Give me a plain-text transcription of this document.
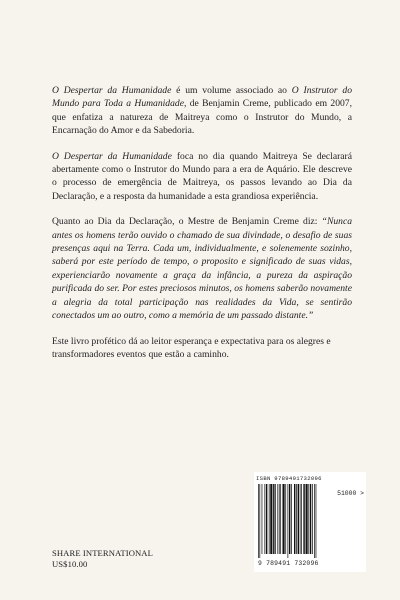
O Despertar da Humanidade é um volume associado ao O Instrutor do Mundo para Toda a Humanidade, de Benjamin Creme, publicado em 2007, que enfatiza a natureza de Maitreya como o Instrutor do Mundo, a Encarnação do Amor e da Sabedoria.

O Despertar da Humanidade foca no dia quando Maitreya Se declarará abertamente como o Instrutor do Mundo para a era de Aquário. Ele descreve o processo de emergência de Maitreya, os passos levando ao Dia da Declaração, e a resposta da humanidade a esta grandiosa experiência.

Quanto ao Dia da Declaração, o Mestre de Benjamin Creme diz: “Nunca antes os homens terão ouvido o chamado de sua divindade, o desafio de suas presenças aqui na Terra. Cada um, individualmente, e solenemente sozinho, saberá por este período de tempo, o proposito e significado de suas vidas, experienciarão novamente a graça da infância, a pureza da aspiração purificada do ser. Por estes preciosos minutos, os homens saberão novamente a alegria da total participação nas realidades da Vida, se sentirão conectados um ao outro, como a memória de um passado distante.”

Este livro profético dá ao leitor esperança e expectativa para os alegres e transformadores eventos que estão a caminho.

SHARE INTERNATIONAL
US$10.00
ISBN 9789491732096
51000 >
9 789491 732096
